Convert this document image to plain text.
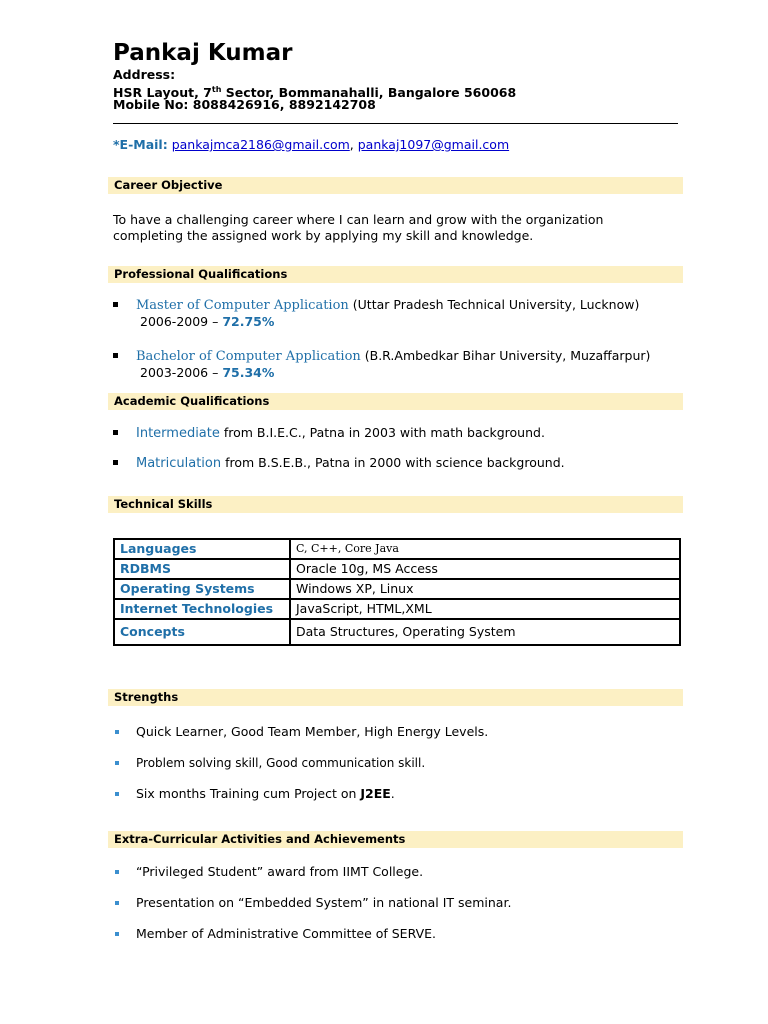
Pankaj Kumar
Address:
HSR Layout, 7th Sector, Bommanahalli, Bangalore 560068
Mobile No: 8088426916, 8892142708
*E-Mail: pankajmca2186@gmail.com, pankaj1097@gmail.com
Career Objective
To have a challenging career where I can learn and grow with the organization completing the assigned work by applying my skill and knowledge.
Professional Qualifications
Master of Computer Application (Uttar Pradesh Technical University, Lucknow)
2006-2009 – 72.75%
Bachelor of Computer Application (B.R.Ambedkar Bihar University, Muzaffarpur)
2003-2006 – 75.34%
Academic Qualifications
Intermediate from B.I.E.C., Patna in 2003 with math background.
Matriculation from B.S.E.B., Patna in 2000 with science background.
Technical Skills
Languages	C, C++, Core Java
RDBMS	Oracle 10g, MS Access
Operating Systems	Windows XP, Linux
Internet Technologies	JavaScript, HTML,XML
Concepts	Data Structures, Operating System
Strengths
Quick Learner, Good Team Member, High Energy Levels.
Problem solving skill, Good communication skill.
Six months Training cum Project on J2EE.
Extra-Curricular Activities and Achievements
“Privileged Student” award from IIMT College.
Presentation on “Embedded System” in national IT seminar.
Member of Administrative Committee of SERVE.
